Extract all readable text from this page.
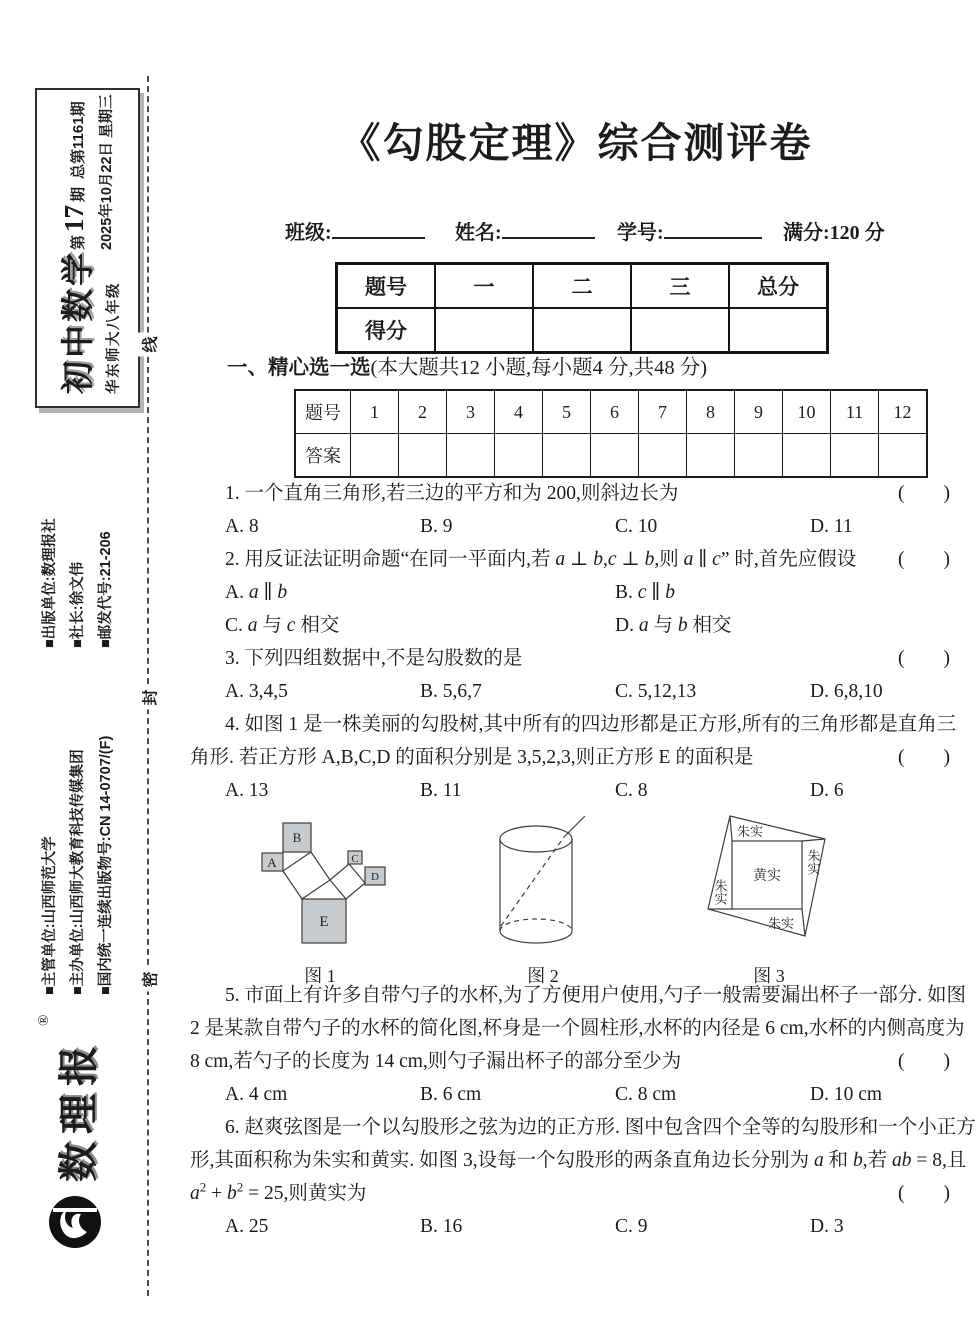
初中数学 华东师大八年级
第17期总第1161期
2025年10月22日 星期三
■出版单位:数理报社 ■社长:徐文伟 ■邮发代号:21-206
■主管单位:山西师范大学 ■主办单位:山西师大教育科技传媒集团 ■国内统一连续出版物号:CN 14-0707/(F)
数理报
®
线
封
密
《勾股定理》综合测评卷
班级:	姓名:	学号:	满分:120 分
题号	一	二	三	总分
得分				
一、精心选一选(本大题共12 小题,每小题4 分,共48 分)
题号	1	2	3	4	5	6	7	8	9	10	11	12
答案												
1. 一个直角三角形,若三边的平方和为 200,则斜边长为	(        )
A. 8	B. 9	C. 10	D. 11
2. 用反证法证明命题“在同一平面内,若 a ⊥ b,c ⊥ b,则 a ∥ c” 时,首先应假设 (        )
A. a ∥ b	B. c ∥ b
C. a 与 c 相交	D. a 与 b 相交
3. 下列四组数据中,不是勾股数的是	(        )
A. 3,4,5	B. 5,6,7	C. 5,12,13	D. 6,8,10
4. 如图 1 是一株美丽的勾股树,其中所有的四边形都是正方形,所有的三角形都是直角三
角形. 若正方形 A,B,C,D 的面积分别是 3,5,2,3,则正方形 E 的面积是	(        )
A. 13	B. 11	C. 8	D. 6
A
B
C
D
E
图 1	图 2
朱实
朱实
朱实
朱实
黄实
图 3
5. 市面上有许多自带勺子的水杯,为了方便用户使用,勺子一般需要漏出杯子一部分. 如图
2 是某款自带勺子的水杯的简化图,杯身是一个圆柱形,水杯的内径是 6 cm,水杯的内侧高度为
8 cm,若勺子的长度为 14 cm,则勺子漏出杯子的部分至少为	(        )
A. 4 cm	B. 6 cm	C. 8 cm	D. 10 cm
6. 赵爽弦图是一个以勾股形之弦为边的正方形. 图中包含四个全等的勾股形和一个小正方
形,其面积称为朱实和黄实. 如图 3,设每一个勾股形的两条直角边长分别为 a 和 b,若 ab = 8,且
$a^2 + b^2 = 25$,则黄实为	(        )
A. 25	B. 16	C. 9	D. 3
